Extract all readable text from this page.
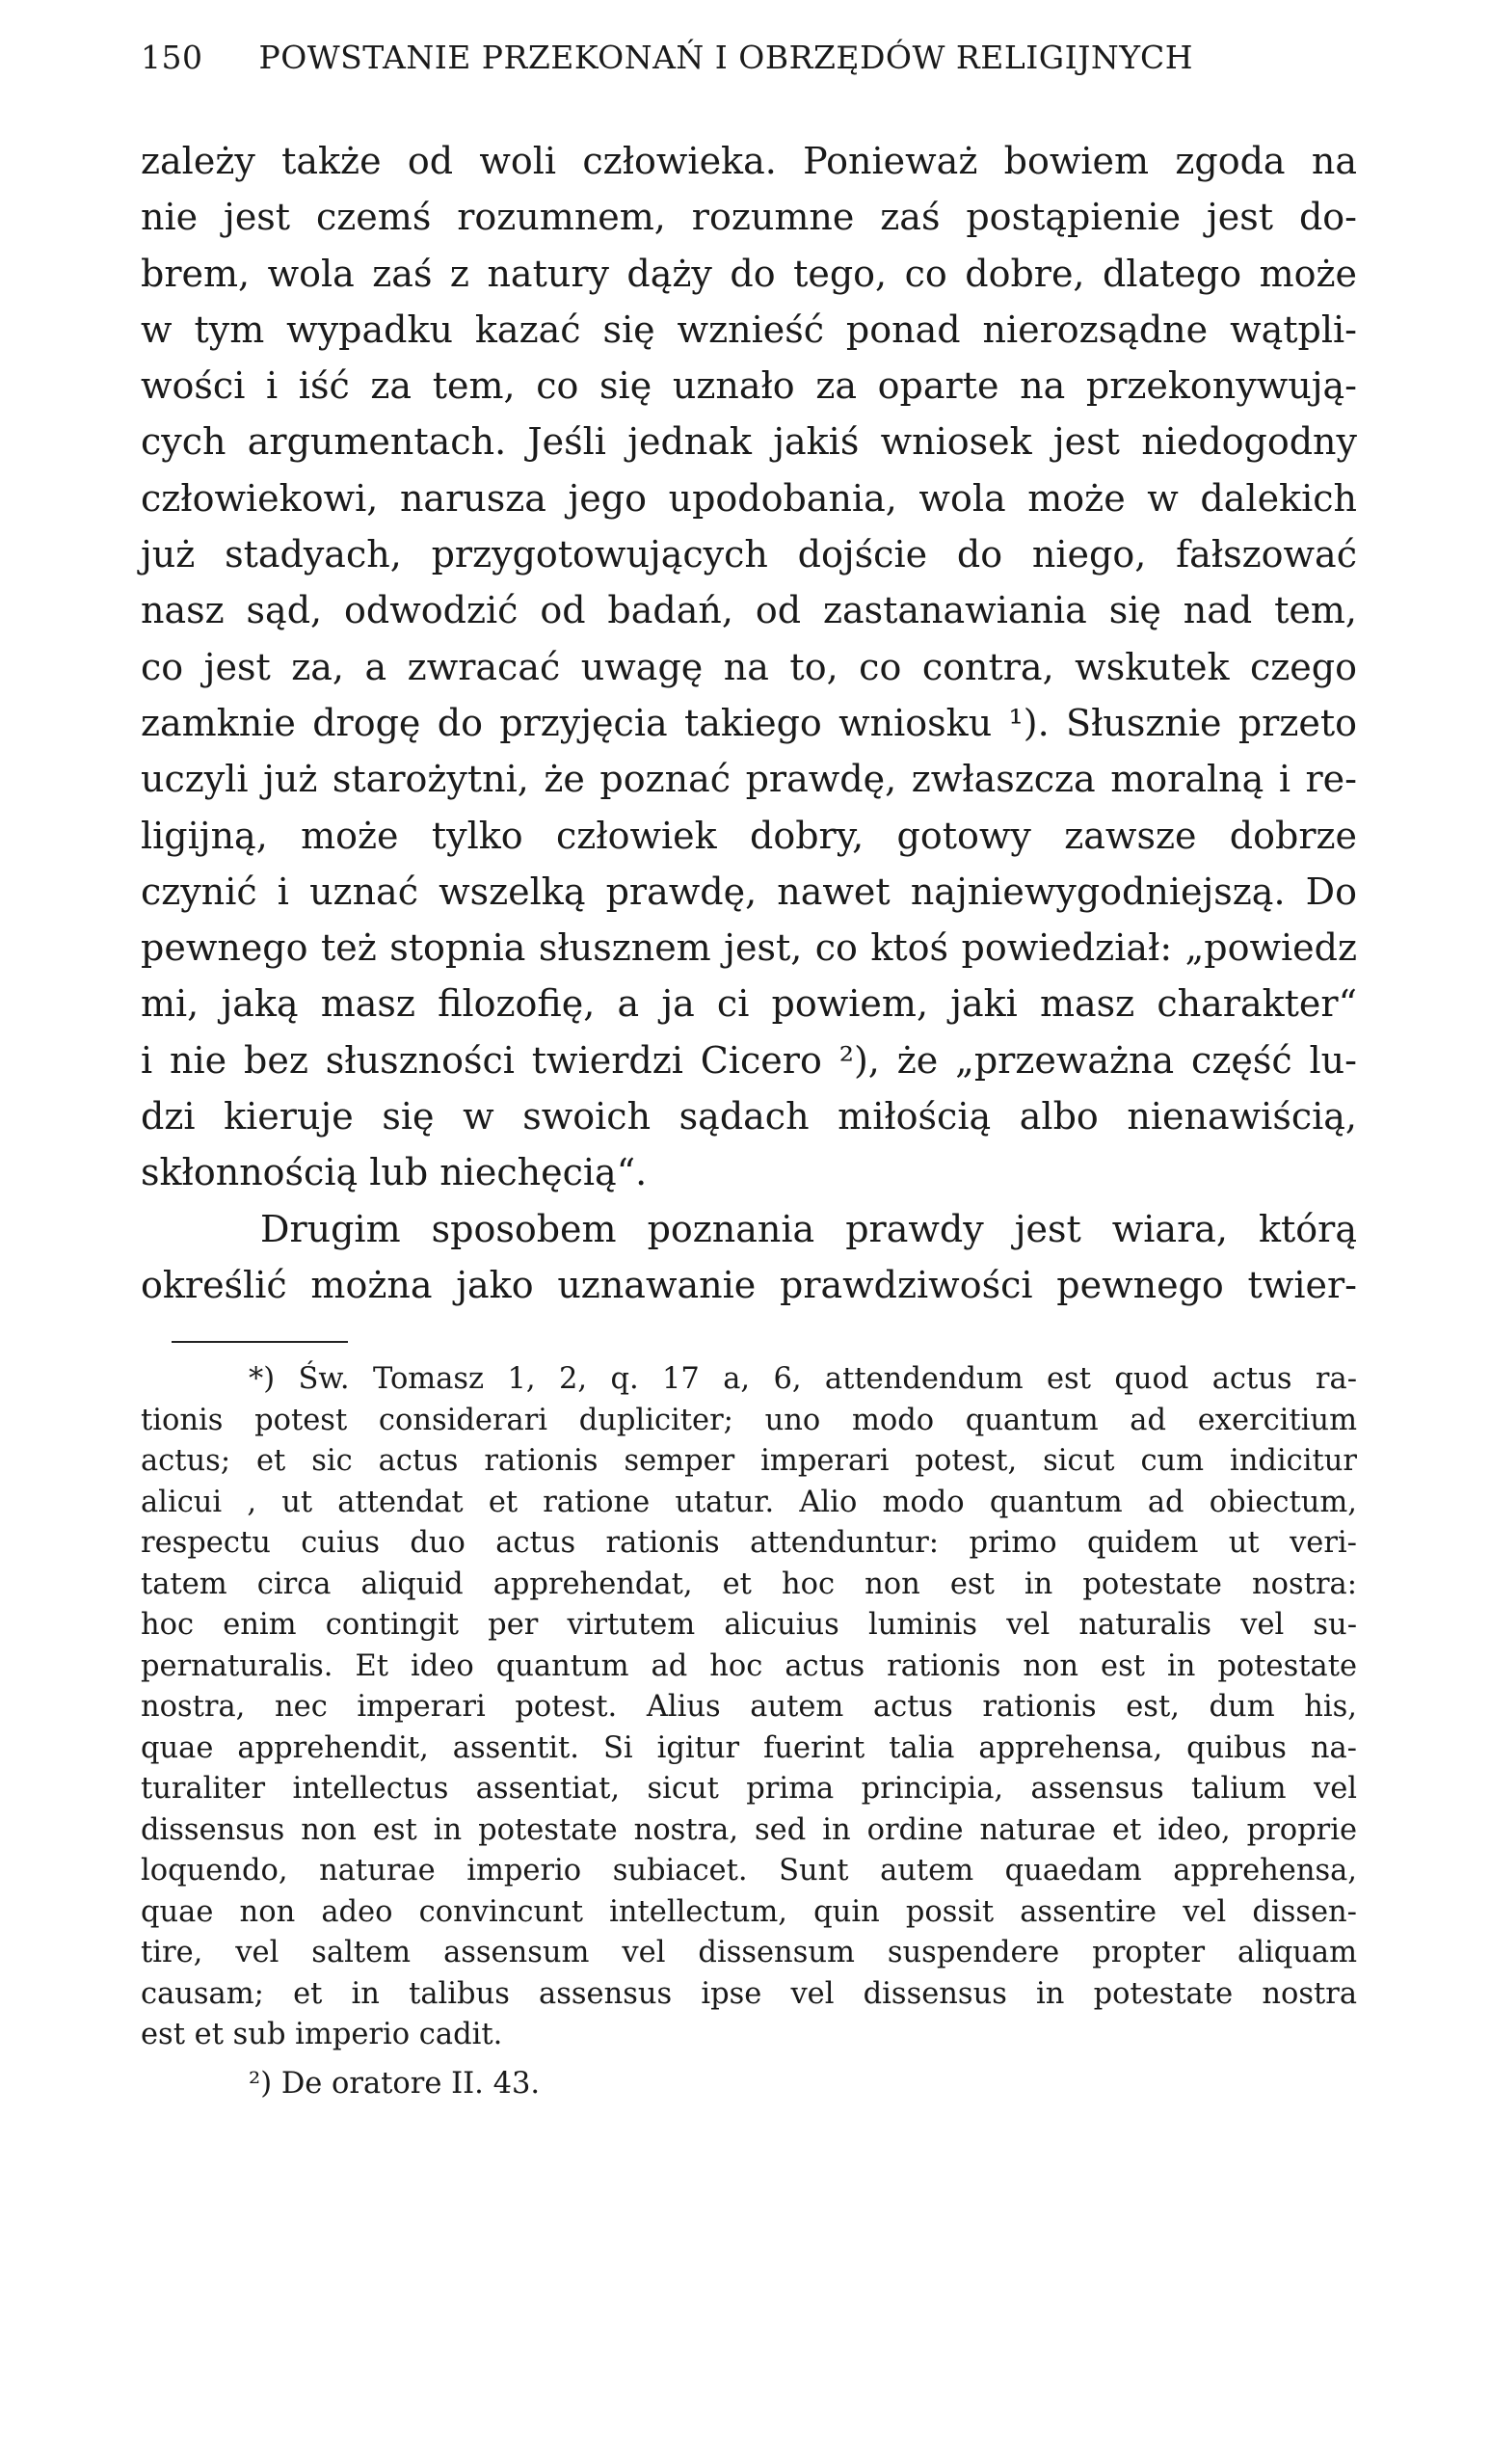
150 POWSTANIE PRZEKONAŃ I OBRZĘDÓW RELIGIJNYCH
zależy także od woli człowieka. Ponieważ bowiem zgoda na
nie jest czemś rozumnem, rozumne zaś postąpienie jest do-
brem, wola zaś z natury dąży do tego, co dobre, dlatego może
w tym wypadku kazać się wznieść ponad nierozsądne wątpli-
wości i iść za tem, co się uznało za oparte na przekonywują-
cych argumentach. Jeśli jednak jakiś wniosek jest niedogodny
człowiekowi, narusza jego upodobania, wola może w dalekich
już stadyach, przygotowujących dojście do niego, fałszować
nasz sąd, odwodzić od badań, od zastanawiania się nad tem,
co jest za, a zwracać uwagę na to, co contra, wskutek czego
zamknie drogę do przyjęcia takiego wniosku ¹). Słusznie przeto
uczyli już starożytni, że poznać prawdę, zwłaszcza moralną i re-
ligijną, może tylko człowiek dobry, gotowy zawsze dobrze
czynić i uznać wszelką prawdę, nawet najniewygodniejszą. Do
pewnego też stopnia słusznem jest, co ktoś powiedział: „powiedz
mi, jaką masz filozofię, a ja ci powiem, jaki masz charakter“
i nie bez słuszności twierdzi Cicero ²), że „przeważna część lu-
dzi kieruje się w swoich sądach miłością albo nienawiścią,
skłonnością lub niechęcią“.
Drugim sposobem poznania prawdy jest wiara, którą
określić można jako uznawanie prawdziwości pewnego twier-
*) Św. Tomasz 1, 2, q. 17 a, 6, attendendum est quod actus ra-
tionis potest considerari dupliciter; uno modo quantum ad exercitium
actus; et sic actus rationis semper imperari potest, sicut cum indicitur
alicui , ut attendat et ratione utatur. Alio modo quantum ad obiectum,
respectu cuius duo actus rationis attenduntur: primo quidem ut veri-
tatem circa aliquid apprehendat, et hoc non est in potestate nostra:
hoc enim contingit per virtutem alicuius luminis vel naturalis vel su-
pernaturalis. Et ideo quantum ad hoc actus rationis non est in potestate
nostra, nec imperari potest. Alius autem actus rationis est, dum his,
quae apprehendit, assentit. Si igitur fuerint talia apprehensa, quibus na-
turaliter intellectus assentiat, sicut prima principia, assensus talium vel
dissensus non est in potestate nostra, sed in ordine naturae et ideo, proprie
loquendo, naturae imperio subiacet. Sunt autem quaedam apprehensa,
quae non adeo convincunt intellectum, quin possit assentire vel dissen-
tire, vel saltem assensum vel dissensum suspendere propter aliquam
causam; et in talibus assensus ipse vel dissensus in potestate nostra
est et sub imperio cadit.
²) De oratore II. 43.
